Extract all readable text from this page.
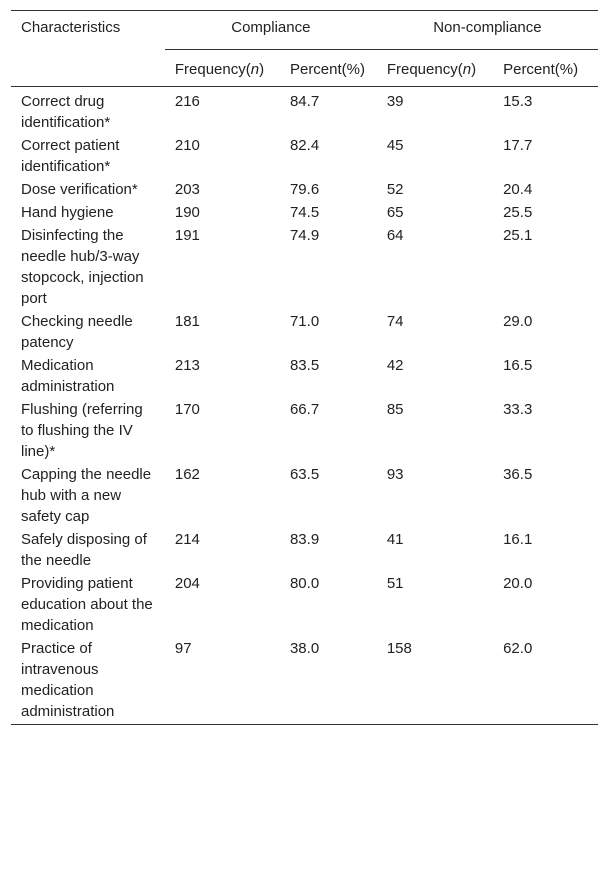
Characteristics	Compliance		Non-compliance	
	Frequency(n)	Percent(%)	Frequency(n)	Percent(%)
Correct drug identification*	216	84.7	39	15.3
Correct patient identification*	210	82.4	45	17.7
Dose verification*	203	79.6	52	20.4
Hand hygiene	190	74.5	65	25.5
Disinfecting the needle hub/3-way stopcock, injection port	191	74.9	64	25.1
Checking needle patency	181	71.0	74	29.0
Medication administration	213	83.5	42	16.5
Flushing (referring to flushing the IV line)*	170	66.7	85	33.3
Capping the needle hub with a new safety cap	162	63.5	93	36.5
Safely disposing of the needle	214	83.9	41	16.1
Providing patient education about the medication	204	80.0	51	20.0
Practice of intravenous medication administration	97	38.0	158	62.0
